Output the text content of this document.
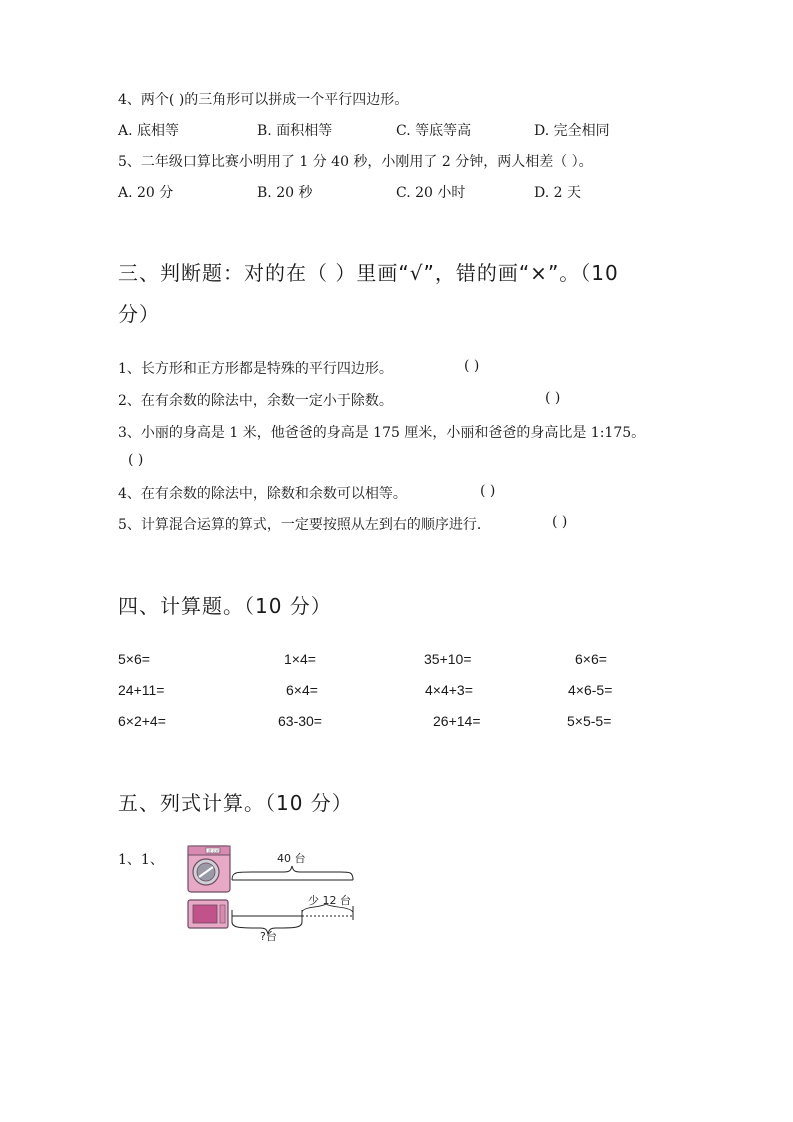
4、两个( )的三角形可以拼成一个平行四边形。
A. 底相等	B. 面积相等	C. 等底等高	D. 完全相同
5、二年级口算比赛小明用了 1 分 40 秒，小刚用了 2 分钟，两人相差（ ）。
A. 20 分	B. 20 秒	C. 20 小时	D. 2 天
三、判断题：对的在（ ）里画“√”，错的画“×”。（10
分）
1、长方形和正方形都是特殊的平行四边形。	( )
2、在有余数的除法中，余数一定小于除数。	( )
3、小丽的身高是 1 米，他爸爸的身高是 175 厘米，小丽和爸爸的身高比是 1:175。
( )
4、在有余数的除法中，除数和余数可以相等。	( )
5、计算混合运算的算式，一定要按照从左到右的顺序进行．	( )
四、计算题。（10 分）
5×6=	1×4=	35+10=	6×6=
24+11=	6×4=	4×4+3=	4×6-5=
6×2+4=	63-30=	26+14=	5×5-5=
五、列式计算。（10 分）
1、1、
洗衣机
40 台
少 12 台
?台
